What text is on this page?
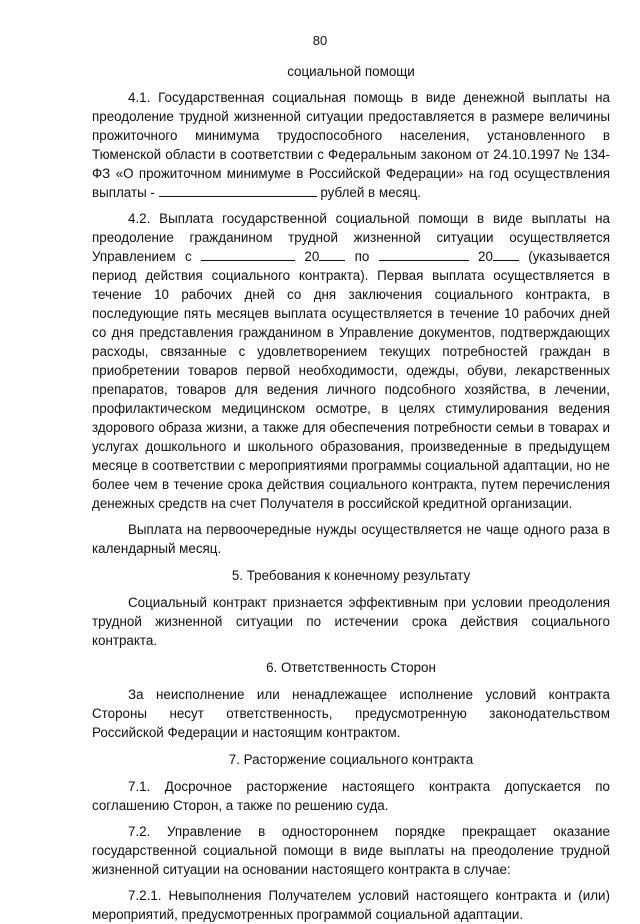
80

социальной помощи

4.1. Государственная социальная помощь в виде денежной выплаты на преодоление трудной жизненной ситуации предоставляется в размере величины прожиточного минимума трудоспособного населения, установленного в Тюменской области в соответствии с Федеральным законом от 24.10.1997 № 134-ФЗ «О прожиточном минимуме в Российской Федерации» на год осуществления выплаты -	рублей в месяц.

4.2. Выплата государственной социальной помощи в виде выплаты на преодоление гражданином трудной жизненной ситуации осуществляется Управлением с	20	по	20	(указывается период действия социального контракта). Первая выплата осуществляется в течение 10 рабочих дней со дня заключения социального контракта, в последующие пять месяцев выплата осуществляется в течение 10 рабочих дней со дня представления гражданином в Управление документов, подтверждающих расходы, связанные с удовлетворением текущих потребностей граждан в приобретении товаров первой необходимости, одежды, обуви, лекарственных препаратов, товаров для ведения личного подсобного хозяйства, в лечении, профилактическом медицинском осмотре, в целях стимулирования ведения здорового образа жизни, а также для обеспечения потребности семьи в товарах и услугах дошкольного и школьного образования, произведенные в предыдущем месяце в соответствии с мероприятиями программы социальной адаптации, но не более чем в течение срока действия социального контракта, путем перечисления денежных средств на счет Получателя в российской кредитной организации.

Выплата на первоочередные нужды осуществляется не чаще одного раза в календарный месяц.

5. Требования к конечному результату

Социальный контракт признается эффективным при условии преодоления трудной жизненной ситуации по истечении срока действия социального контракта.

6. Ответственность Сторон

За неисполнение или ненадлежащее исполнение условий контракта Стороны несут ответственность, предусмотренную законодательством Российской Федерации и настоящим контрактом.

7. Расторжение социального контракта

7.1. Досрочное расторжение настоящего контракта допускается по соглашению Сторон, а также по решению суда.

7.2. Управление в одностороннем порядке прекращает оказание государственной социальной помощи в виде выплаты на преодоление трудной жизненной ситуации на основании настоящего контракта в случае:

7.2.1. Невыполнения Получателем условий настоящего контракта и (или) мероприятий, предусмотренных программой социальной адаптации.
